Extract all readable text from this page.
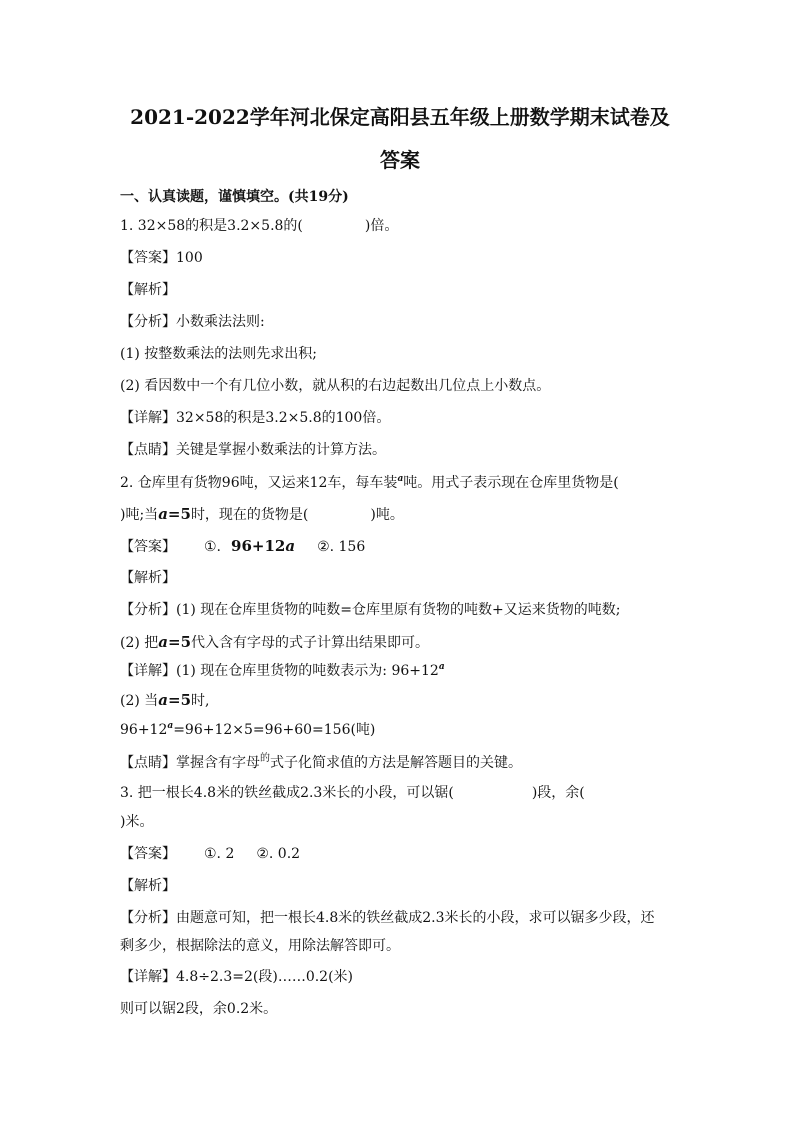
2021-2022学年河北保定高阳县五年级上册数学期末试卷及
答案
一、认真读题，谨慎填空。(共19分)
1. 32×58的积是3.2×5.8的(	)倍。
【答案】100
【解析】
【分析】小数乘法法则:
(1) 按整数乘法的法则先求出积;
(2) 看因数中一个有几位小数，就从积的右边起数出几位点上小数点。
【详解】32×58的积是3.2×5.8的100倍。
【点睛】关键是掌握小数乘法的计算方法。
2. 仓库里有货物96吨，又运来12车，每车装$^a$吨。用式子表示现在仓库里货物是(
)吨;当a=5时，现在的货物是(	)吨。
【答案】 ①. 96+12a ②. 156
【解析】
【分析】(1) 现在仓库里货物的吨数=仓库里原有货物的吨数+又运来货物的吨数;
(2) 把a=5代入含有字母的式子计算出结果即可。
【详解】(1) 现在仓库里货物的吨数表示为: $96+12^a$
(2) 当a=5时,
$96+12^a=96+12\times 5=96+60=156$(吨)
【点睛】掌握含有字母$^的$式子化简求值的方法是解答题目的关键。
3. 把一根长4.8米的铁丝截成2.3米长的小段，可以锯(	)段，余(
)米。
【答案】 ①. 2 ②. 0.2
【解析】
【分析】由题意可知，把一根长4.8米的铁丝截成2.3米长的小段，求可以锯多少段，还
剩多少，根据除法的意义，用除法解答即可。
【详解】4.8÷2.3=2(段)……0.2(米)
则可以锯2段，余0.2米。
